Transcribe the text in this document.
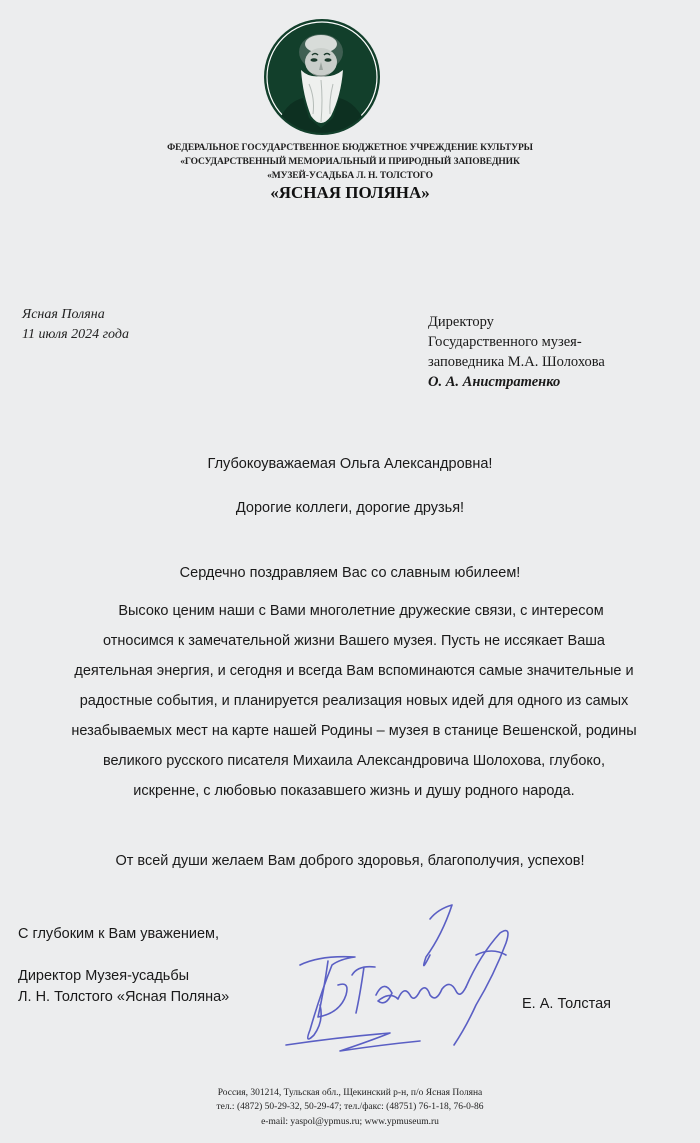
ФЕДЕРАЛЬНОЕ ГОСУДАРСТВЕННОЕ БЮДЖЕТНОЕ УЧРЕЖДЕНИЕ КУЛЬТУРЫ
«ГОСУДАРСТВЕННЫЙ МЕМОРИАЛЬНЫЙ И ПРИРОДНЫЙ ЗАПОВЕДНИК
«МУЗЕЙ-УСАДЬБА Л. Н. ТОЛСТОГО
«ЯСНАЯ ПОЛЯНА»
Ясная Поляна
11 июля 2024 года
Директору
Государственного музея-
заповедника М.А. Шолохова
О. А. Анистратенко
Глубокоуважаемая Ольга Александровна!
Дорогие коллеги, дорогие друзья!
Сердечно поздравляем Вас со славным юбилеем!
Высоко ценим наши с Вами многолетние дружеские связи, с интересом
относимся к замечательной жизни Вашего музея. Пусть не иссякает Ваша
деятельная энергия, и сегодня и всегда Вам вспоминаются самые значительные и
радостные события, и планируется реализация новых идей для одного из самых
незабываемых мест на карте нашей Родины – музея в станице Вешенской, родины
великого русского писателя Михаила Александровича Шолохова, глубоко,
искренне, с любовью показавшего жизнь и душу родного народа.
От всей души желаем Вам доброго здоровья, благополучия, успехов!
С глубоким к Вам уважением,
Директор Музея-усадьбы
Л. Н. Толстого «Ясная Поляна»	Е. А. Толстая
Россия, 301214, Тульская обл., Щекинский р-н, п/о Ясная Поляна
тел.: (4872) 50-29-32, 50-29-47; тел./факс: (48751) 76-1-18, 76-0-86
e-mail: yaspol@ypmus.ru; www.ypmuseum.ru
